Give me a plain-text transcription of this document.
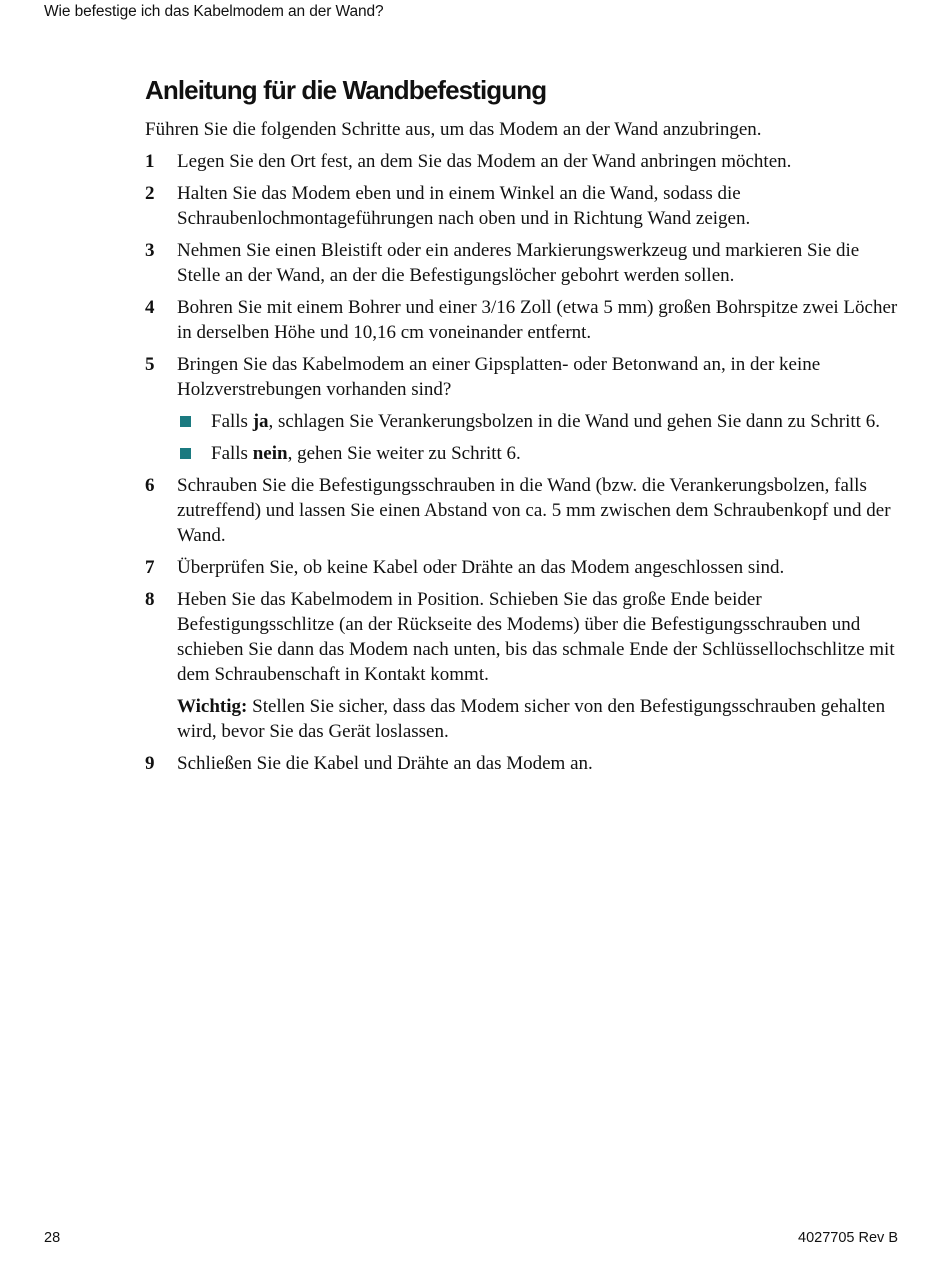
Wie befestige ich das Kabelmodem an der Wand?
Anleitung für die Wandbefestigung

Führen Sie die folgenden Schritte aus, um das Modem an der Wand anzubringen.

1 Legen Sie den Ort fest, an dem Sie das Modem an der Wand anbringen möchten.
2 Halten Sie das Modem eben und in einem Winkel an die Wand, sodass die Schraubenlochmontageführungen nach oben und in Richtung Wand zeigen.
3 Nehmen Sie einen Bleistift oder ein anderes Markierungswerkzeug und markieren Sie die Stelle an der Wand, an der die Befestigungslöcher gebohrt werden sollen.
4 Bohren Sie mit einem Bohrer und einer 3/16 Zoll (etwa 5 mm) großen Bohrspitze zwei Löcher in derselben Höhe und 10,16 cm voneinander entfernt.
5 Bringen Sie das Kabelmodem an einer Gipsplatten- oder Betonwand an, in der keine Holzverstrebungen vorhanden sind?
Falls ja, schlagen Sie Verankerungsbolzen in die Wand und gehen Sie dann zu Schritt 6.
Falls nein, gehen Sie weiter zu Schritt 6.
6 Schrauben Sie die Befestigungsschrauben in die Wand (bzw. die Verankerungsbolzen, falls zutreffend) und lassen Sie einen Abstand von ca. 5 mm zwischen dem Schraubenkopf und der Wand.
7 Überprüfen Sie, ob keine Kabel oder Drähte an das Modem angeschlossen sind.
8 Heben Sie das Kabelmodem in Position. Schieben Sie das große Ende beider Befestigungsschlitze (an der Rückseite des Modems) über die Befestigungsschrauben und schieben Sie dann das Modem nach unten, bis das schmale Ende der Schlüssellochschlitze mit dem Schraubenschaft in Kontakt kommt.
Wichtig: Stellen Sie sicher, dass das Modem sicher von den Befestigungsschrauben gehalten wird, bevor Sie das Gerät loslassen.
9 Schließen Sie die Kabel und Drähte an das Modem an.
28	4027705 Rev B
